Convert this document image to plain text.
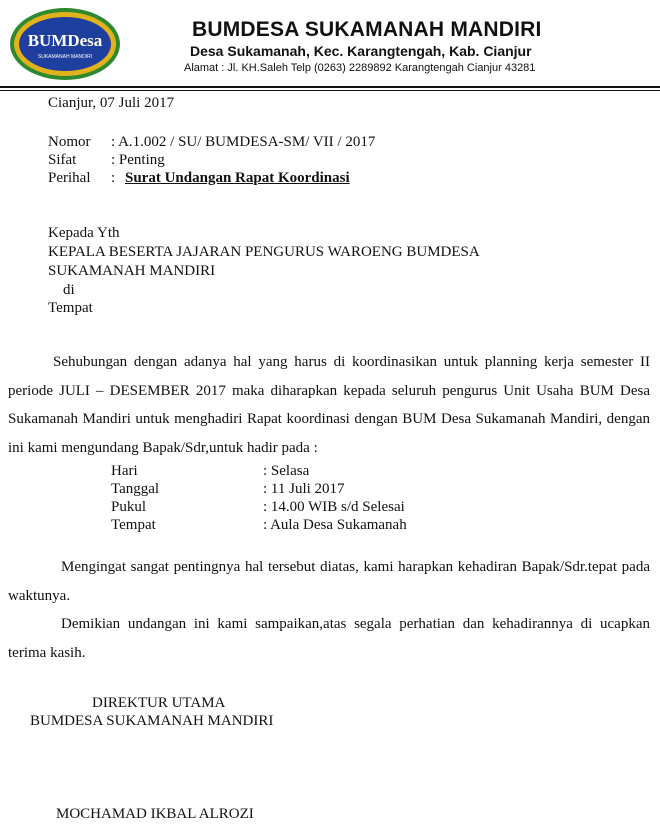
BUMDesa
SUKAMANAH MANDIRI
BUMDESA SUKAMANAH MANDIRI
Desa Sukamanah, Kec. Karangtengah, Kab. Cianjur
Alamat : Jl. KH.Saleh Telp (0263) 2289892 Karangtengah Cianjur 43281
Cianjur, 07 Juli 2017
Nomor	: A.1.002 / SU/ BUMDESA-SM/ VII / 2017
Sifat	: Penting
Perihal	: Surat Undangan Rapat Koordinasi
Kepada Yth
KEPALA BESERTA JAJARAN PENGURUS WAROENG BUMDESA
SUKAMANAH MANDIRI
di
Tempat

Sehubungan dengan adanya hal yang harus di koordinasikan untuk planning kerja semester II periode JULI – DESEMBER 2017 maka diharapkan kepada seluruh pengurus Unit Usaha BUM Desa Sukamanah Mandiri untuk menghadiri Rapat koordinasi dengan BUM Desa Sukamanah Mandiri, dengan ini kami mengundang Bapak/Sdr,untuk hadir pada :

Hari	: Selasa
Tanggal	: 11 Juli 2017
Pukul	: 14.00 WIB s/d Selesai
Tempat	: Aula Desa Sukamanah

Mengingat sangat pentingnya hal tersebut diatas, kami harapkan kehadiran Bapak/Sdr.tepat pada waktunya.

Demikian undangan ini kami sampaikan,atas segala perhatian dan kehadirannya di ucapkan terima kasih.

DIREKTUR UTAMA
BUMDESA SUKAMANAH MANDIRI
MOCHAMAD IKBAL ALROZI
